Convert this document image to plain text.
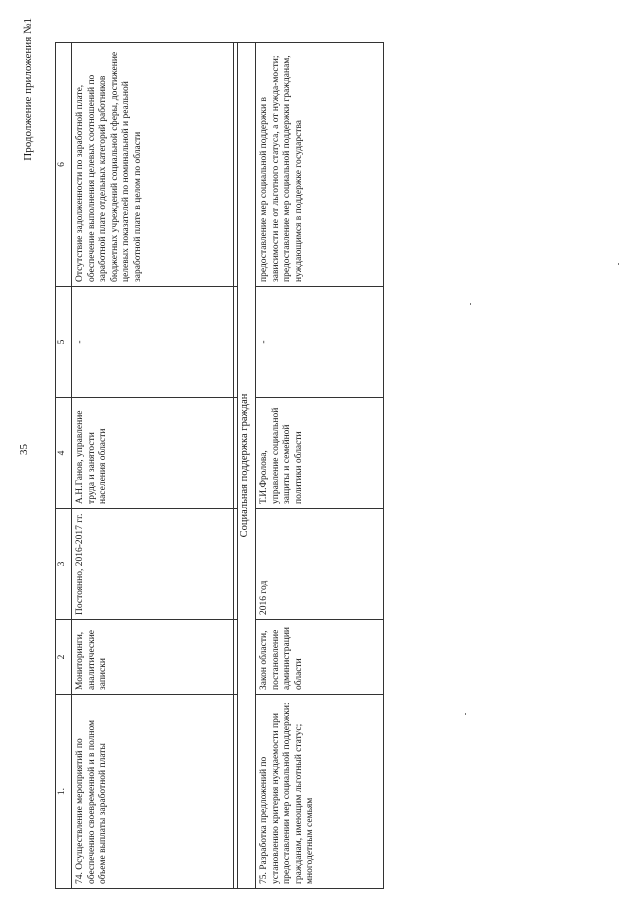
35
Продолжение приложения №1
1.	2	3	4	5	6
74. Осуществление мероприятий по обеспечению своевременной и в полном объеме выплаты заработной платы	Мониторинги, аналитические записки	Постоянно, 2016-2017 гг.	А.Н.Ганов, управление труда и занятости населения области	-	Отсутствие задолженности по заработной плате, обеспечение выполнения целевых соотношений по заработной плате отдельных категорий работников бюджетных учреждений социальной сферы, достижение целевых показателей по номинальной и реальной заработной плате в целом по области

Социальная поддержка граждан					
75. Разработка предложений по установлению критерия нуждаемости при предоставлении мер социальной поддержки: гражданам, имеющим льготный статус; многодетным семьям	Закон области, постановление администрации области	2016 год	Т.И.Фролова, управление социальной защиты и семейной политики области	-	предоставление мер социальной поддержки в зависимости не от льготного статуса, а от нужда-мости; предоставление мер социальной поддержки гражданам, нуждающимся в поддержке государства
